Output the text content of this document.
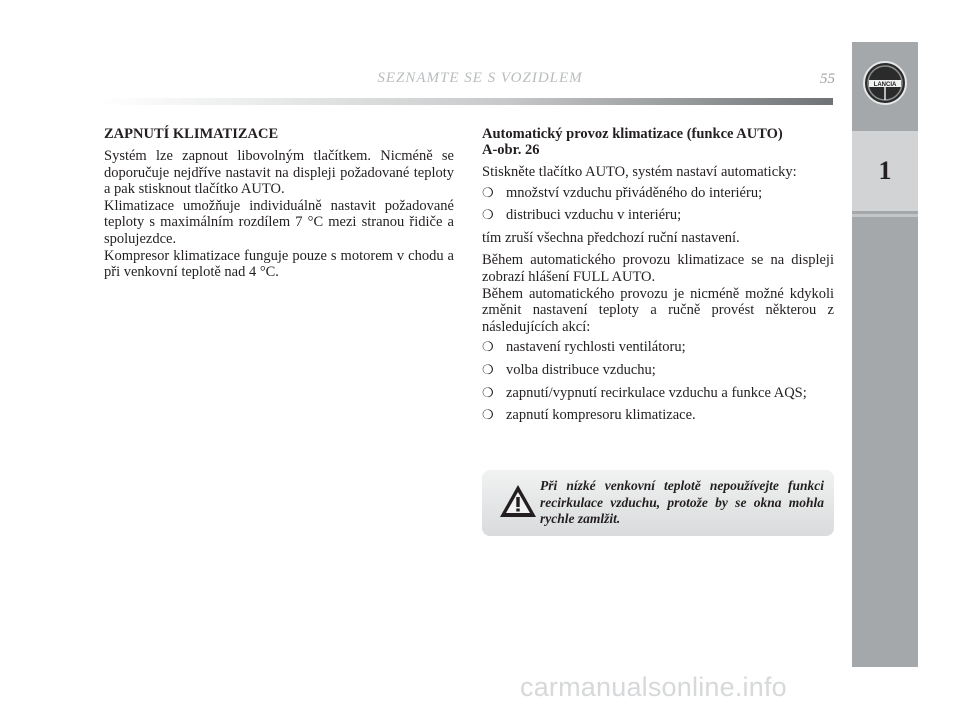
SEZNAMTE SE S VOZIDLEM	55	LANCIA
1
ZAPNUTÍ KLIMATIZACE

Systém lze zapnout libovolným tlačítkem. Nicméně se doporučuje nejdříve nastavit na displeji požadované teploty a pak stisknout tlačítko AUTO.

Klimatizace umožňuje individuálně nastavit požadované teploty s maximálním rozdílem 7 °C mezi stranou řidiče a spolujezdce.

Kompresor klimatizace funguje pouze s motorem v chodu a při venkovní teplotě nad 4 °C.

Automatický provoz klimatizace (funkce AUTO)
A-obr. 26

Stiskněte tlačítko AUTO, systém nastaví automaticky:

❍ množství vzduchu přiváděného do interiéru;
❍ distribuci vzduchu v interiéru;

tím zruší všechna předchozí ruční nastavení.

Během automatického provozu klimatizace se na displeji zobrazí hlášení FULL AUTO.

Během automatického provozu je nicméně možné kdykoli změnit nastavení teploty a ručně provést některou z následujících akcí:

❍ nastavení rychlosti ventilátoru;
❍ volba distribuce vzduchu;
❍ zapnutí/vypnutí recirkulace vzduchu a funkce AQS;
❍ zapnutí kompresoru klimatizace.
Při nízké venkovní teplotě nepoužívejte funkci recirkulace vzduchu, protože by se okna mohla rychle zamlžit.
carmanualsonline.info
